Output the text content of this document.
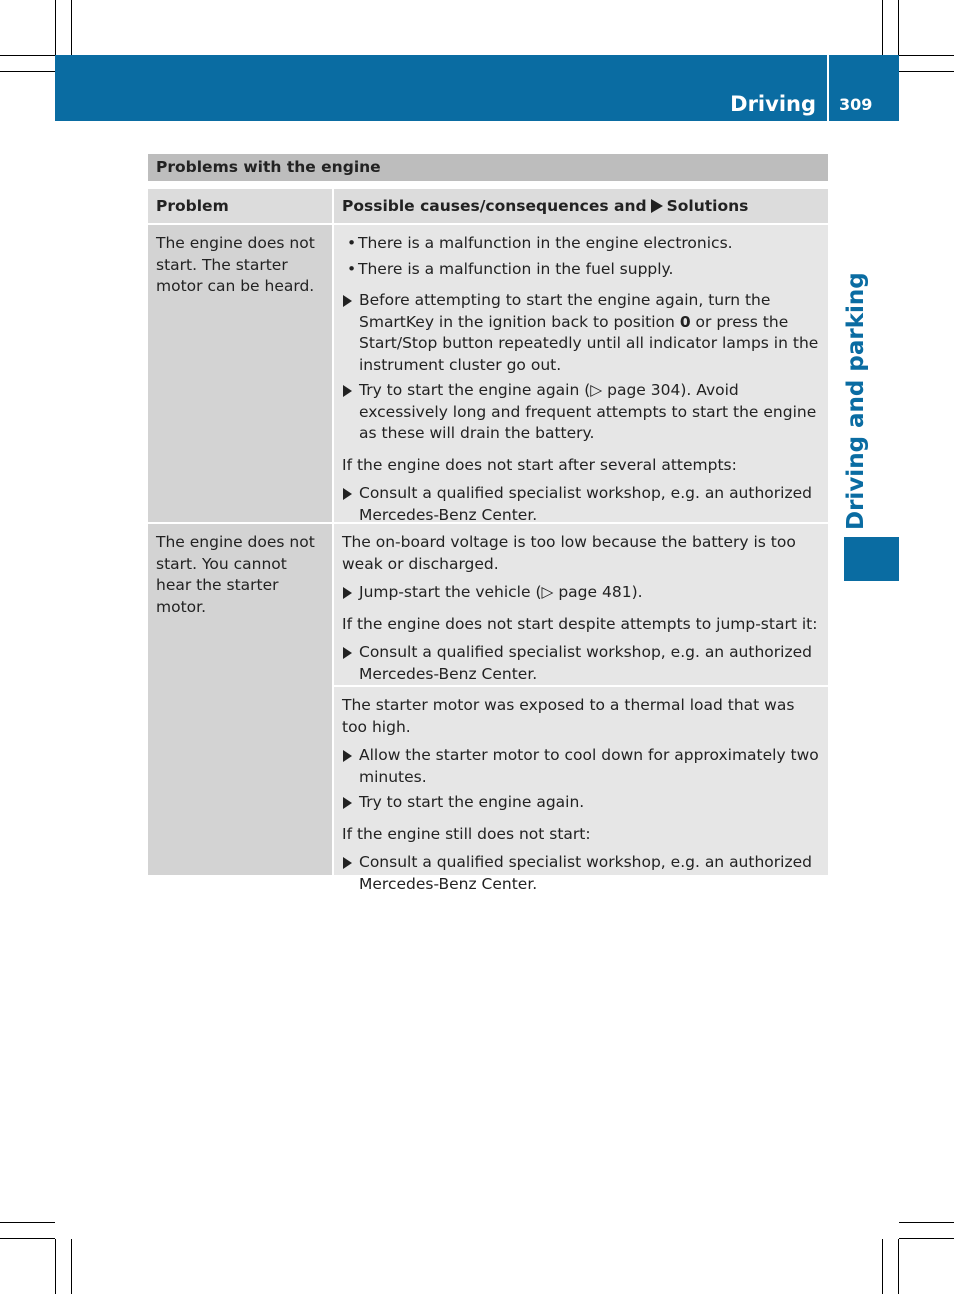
Driving 309
Driving and parking
Problems with the engine
Problem	Possible causes/consequences and Solutions
The engine does not start. The starter motor can be heard.
• There is a malfunction in the engine electronics.
• There is a malfunction in the fuel supply.
Before attempting to start the engine again, turn the SmartKey in the ignition back to position 0 or press the Start/Stop button repeatedly until all indicator lamps in the instrument cluster go out.
Try to start the engine again (▷ page 304). Avoid excessively long and frequent attempts to start the engine as these will drain the battery.

If the engine does not start after several attempts:

Consult a qualified specialist workshop, e.g. an authorized Mercedes-Benz Center.
The engine does not start. You cannot hear the starter motor.

The on-board voltage is too low because the battery is too weak or discharged.

Jump-start the vehicle (▷ page 481).

If the engine does not start despite attempts to jump-start it:

Consult a qualified specialist workshop, e.g. an authorized Mercedes-Benz Center.

The starter motor was exposed to a thermal load that was too high.

Allow the starter motor to cool down for approximately two minutes.
Try to start the engine again.

If the engine still does not start:

Consult a qualified specialist workshop, e.g. an authorized Mercedes-Benz Center.
